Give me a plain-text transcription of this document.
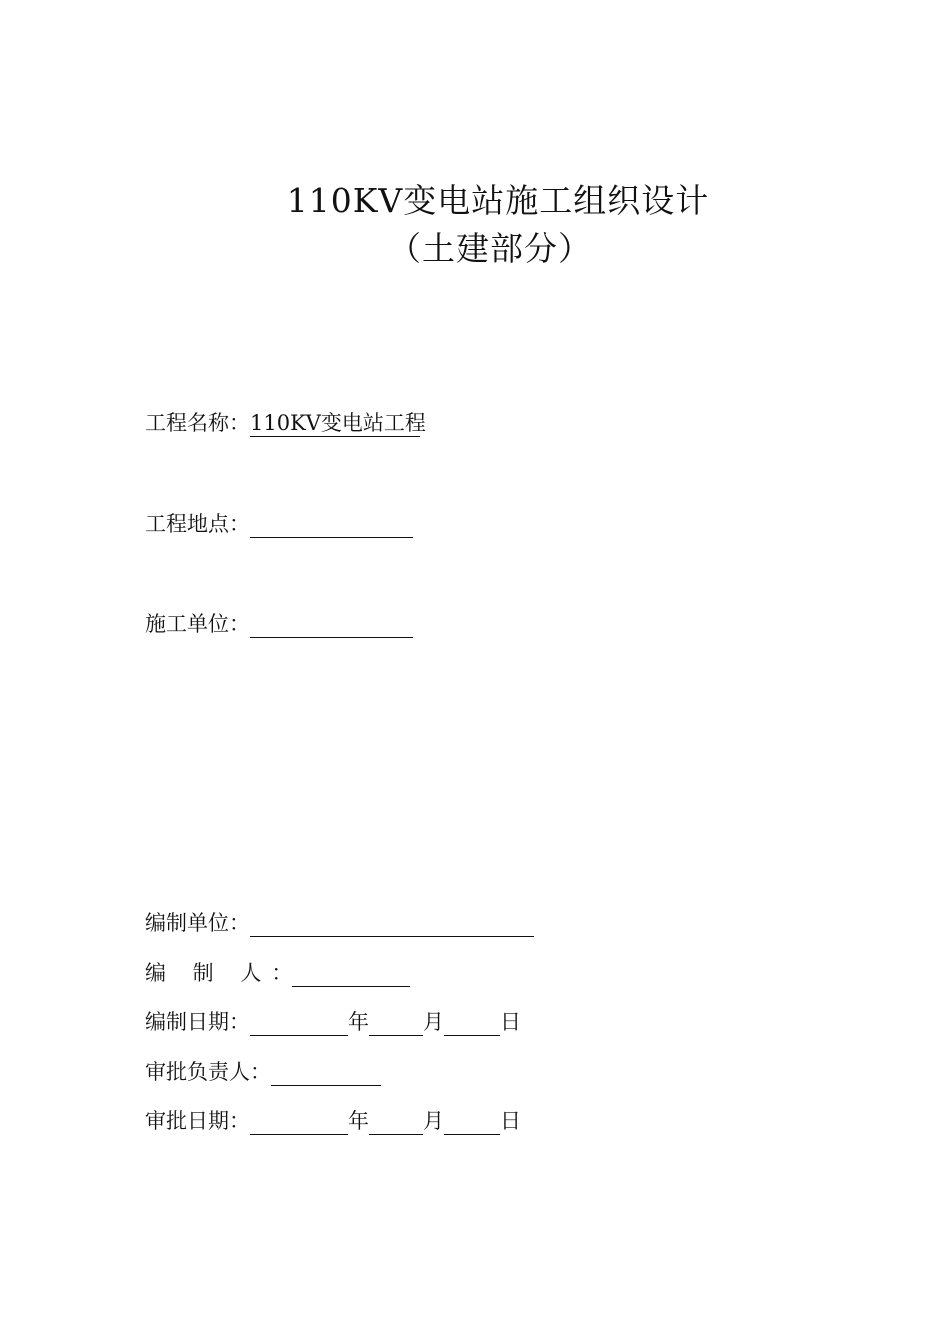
110KV变电站施工组织设计
（土建部分）
工程名称： 110KV变电站工程
工程地点：
施工单位：
编制单位：
编 制 人：
编制日期：	年	月	日
审批负责人：
审批日期：	年	月	日
